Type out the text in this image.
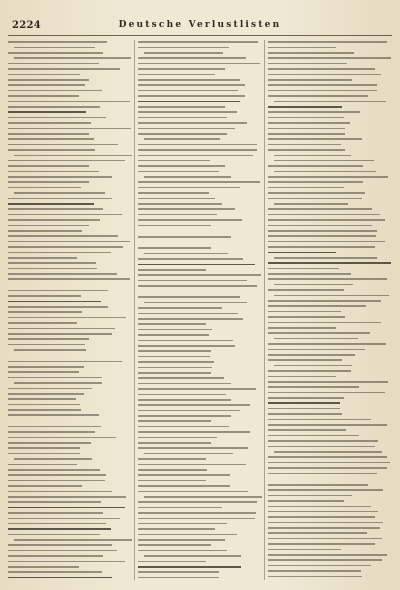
2224	Deutsche Verlustlisten
